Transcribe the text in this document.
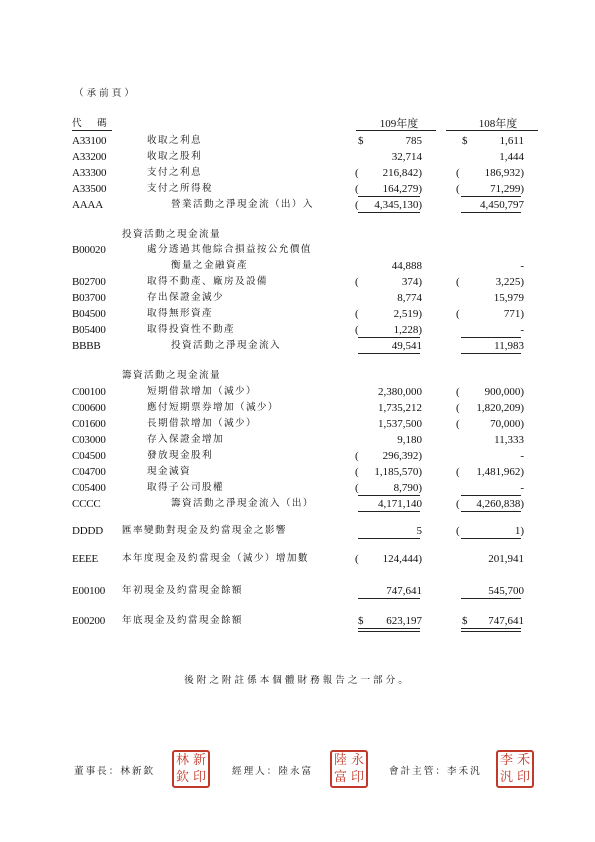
（承前頁）
代　碼	109年度	108年度
A33100	收取之利息	$	785	$	1,611
A33200	收取之股利	32,714	1,444
A33300	支付之利息	(	216,842)	(	186,932)
A33500	支付之所得稅	(	164,279)	(	71,299)
AAAA	營業活動之淨現金流（出）入	(	4,345,130)	4,450,797
投資活動之現金流量
B00020	處分透過其他綜合損益按公允價值
衡量之金融資產	44,888	-
B02700	取得不動產、廠房及設備	(	374)	(	3,225)
B03700	存出保證金減少	8,774	15,979
B04500	取得無形資產	(	2,519)	(	771)
B05400	取得投資性不動產	(	1,228)	-
BBBB	投資活動之淨現金流入	49,541	11,983
籌資活動之現金流量
C00100	短期借款增加（減少）	2,380,000	(	900,000)
C00600	應付短期票券增加（減少）	1,735,212	(	1,820,209)
C01600	長期借款增加（減少）	1,537,500	(	70,000)
C03000	存入保證金增加	9,180	11,333
C04500	發放現金股利	(	296,392)	-
C04700	現金減資	(	1,185,570)	(	1,481,962)
C05400	取得子公司股權	(	8,790)	-
CCCC	籌資活動之淨現金流入（出）	4,171,140	(	4,260,838)
DDDD 匯率變動對現金及約當現金之影響	5	(	1)
EEEE 本年度現金及約當現金（減少）增加數	(	124,444)	201,941
E00100 年初現金及約當現金餘額	747,641	545,700
E00200 年底現金及約當現金餘額	$	623,197	$	747,641
後附之附註係本個體財務報告之一部分。
董事長：林新欽
林 新
欽 印	經理人：陸永富
陸 永
富 印	會計主管：李禾汎
李 禾
汎 印
